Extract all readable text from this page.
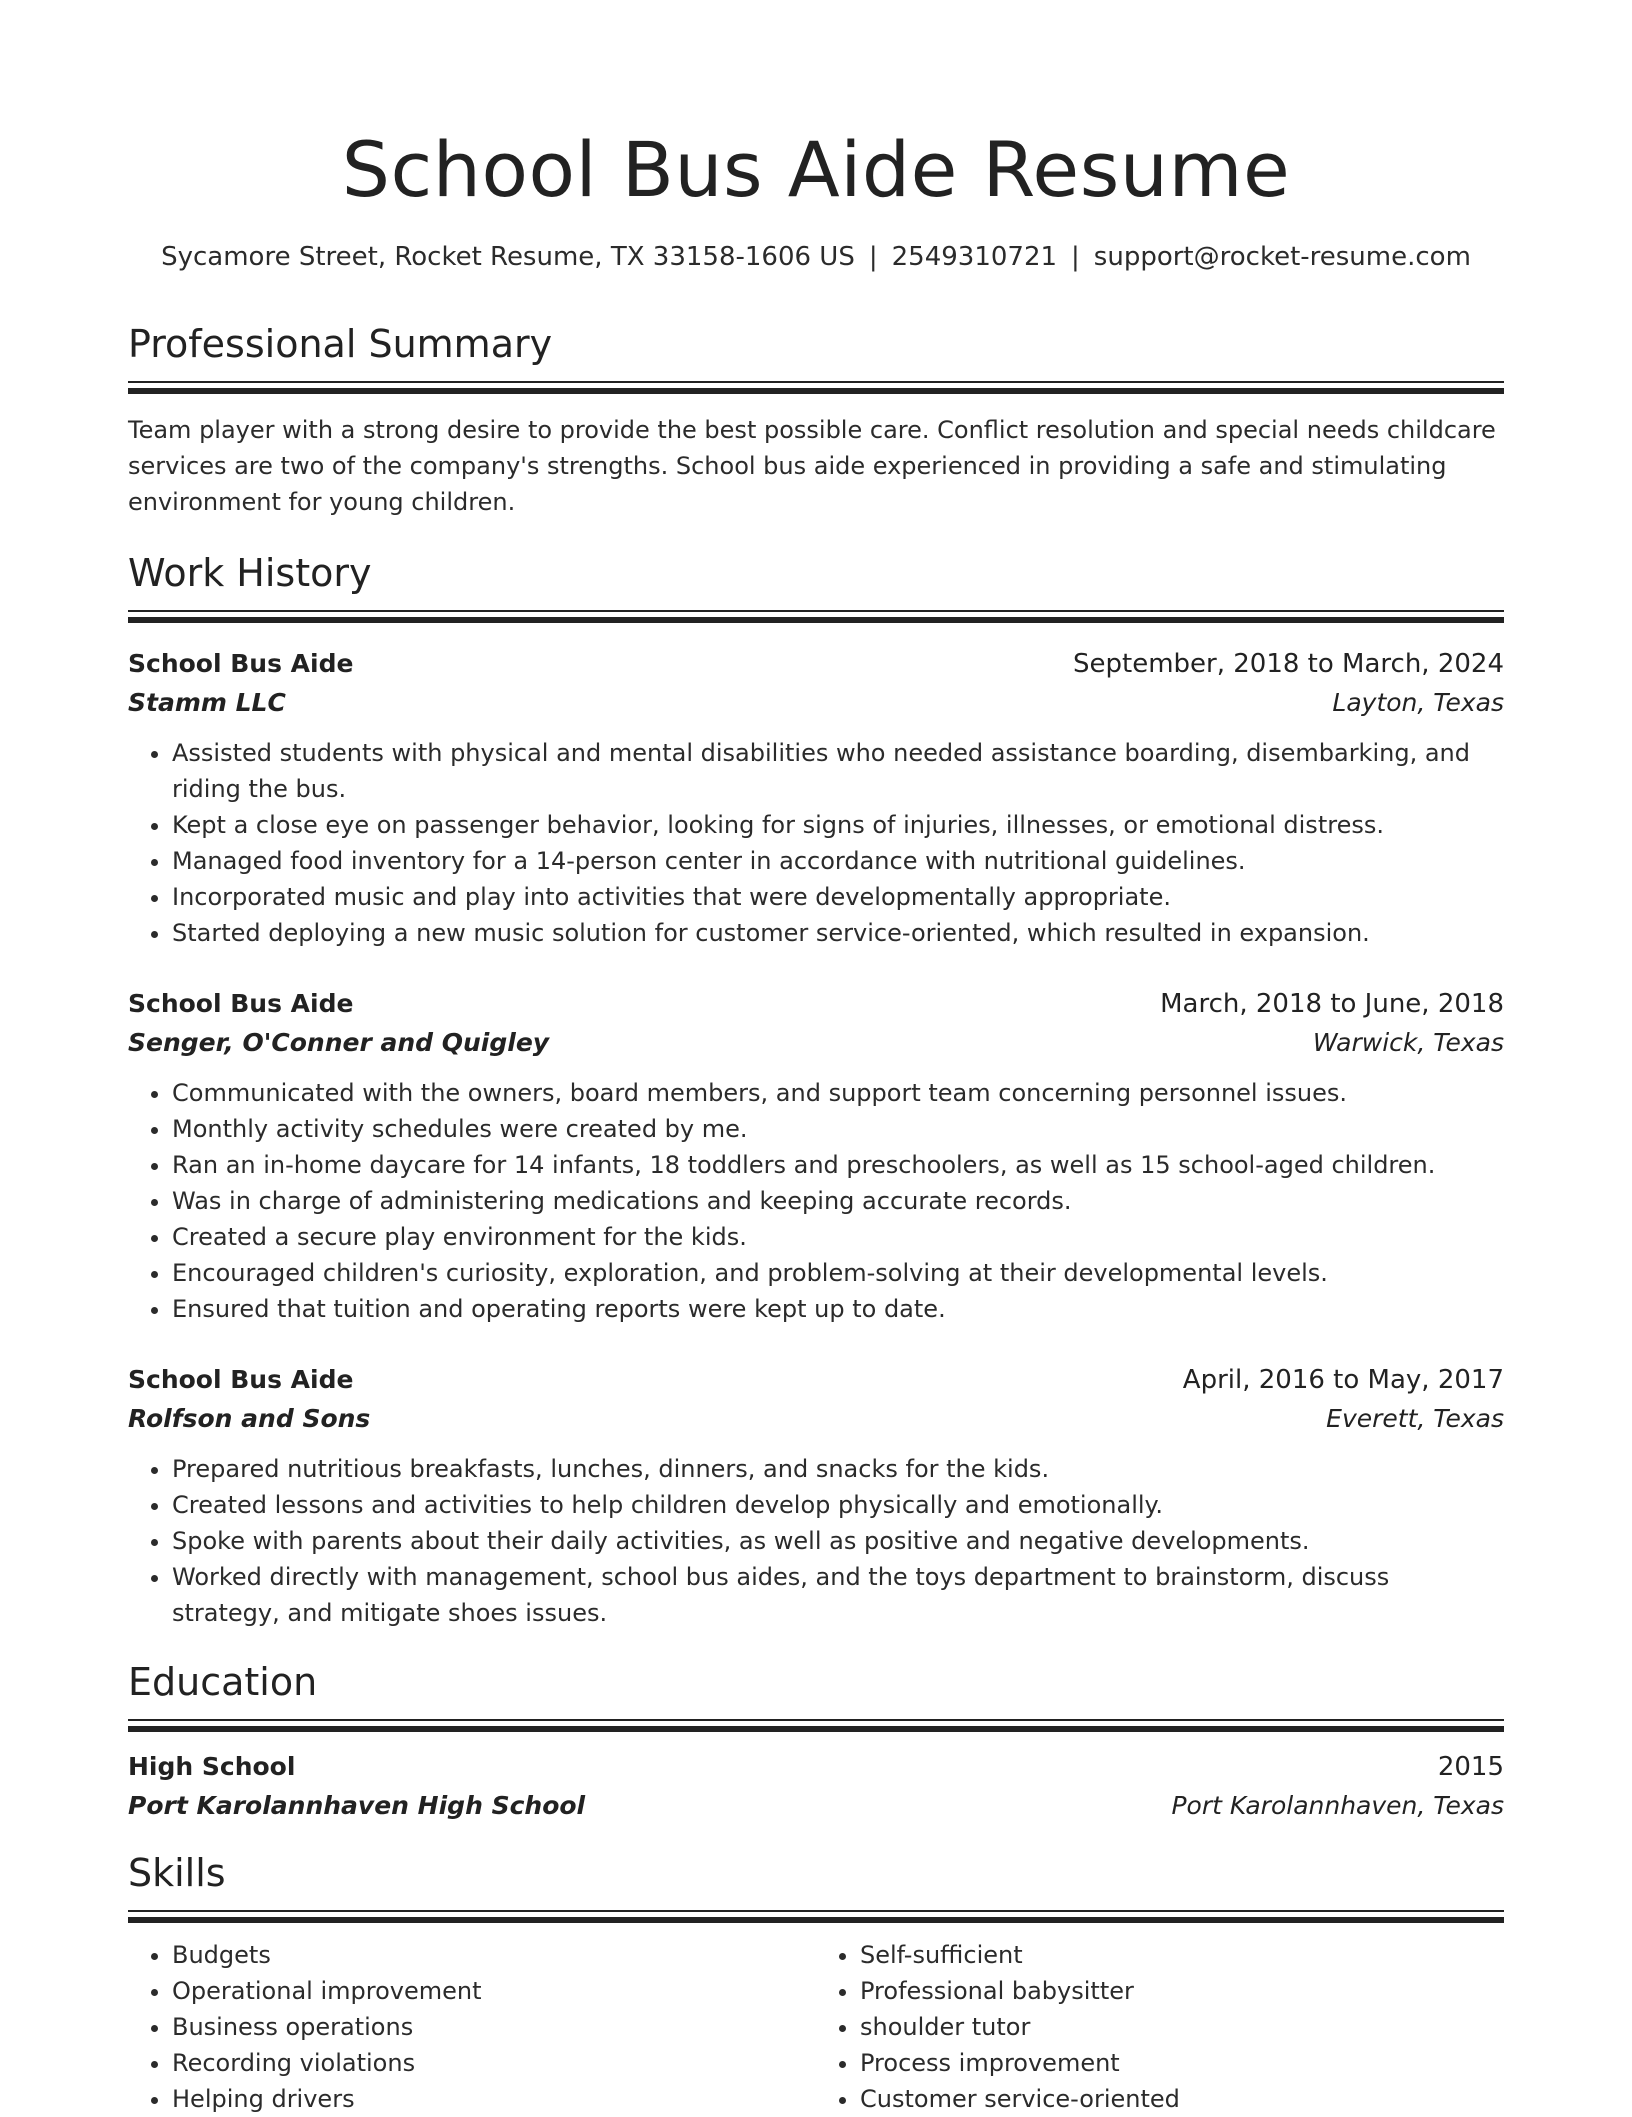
School Bus Aide Resume
Sycamore Street, Rocket Resume, TX 33158-1606 US | 2549310721 | support@rocket-resume.com
Professional Summary

Team player with a strong desire to provide the best possible care. Conflict resolution and special needs childcare services are two of the company's strengths. School bus aide experienced in providing a safe and stimulating environment for young children.

Work History
School Bus Aide	September, 2018 to March, 2024
Stamm LLC	Layton, Texas
• Assisted students with physical and mental disabilities who needed assistance boarding, disembarking, and riding the bus.
• Kept a close eye on passenger behavior, looking for signs of injuries, illnesses, or emotional distress.
• Managed food inventory for a 14-person center in accordance with nutritional guidelines.
• Incorporated music and play into activities that were developmentally appropriate.
• Started deploying a new music solution for customer service-oriented, which resulted in expansion.
School Bus Aide	March, 2018 to June, 2018
Senger, O'Conner and Quigley	Warwick, Texas
• Communicated with the owners, board members, and support team concerning personnel issues.
• Monthly activity schedules were created by me.
• Ran an in-home daycare for 14 infants, 18 toddlers and preschoolers, as well as 15 school-aged children.
• Was in charge of administering medications and keeping accurate records.
• Created a secure play environment for the kids.
• Encouraged children's curiosity, exploration, and problem-solving at their developmental levels.
• Ensured that tuition and operating reports were kept up to date.
School Bus Aide	April, 2016 to May, 2017
Rolfson and Sons	Everett, Texas
• Prepared nutritious breakfasts, lunches, dinners, and snacks for the kids.
• Created lessons and activities to help children develop physically and emotionally.
• Spoke with parents about their daily activities, as well as positive and negative developments.
• Worked directly with management, school bus aides, and the toys department to brainstorm, discuss strategy, and mitigate shoes issues.
Education
High School	2015
Port Karolannhaven High School	Port Karolannhaven, Texas
Skills
• Budgets
• Operational improvement
• Business operations
• Recording violations
• Helping drivers
• Self-sufficient
• Professional babysitter
• shoulder tutor
• Process improvement
• Customer service-oriented
